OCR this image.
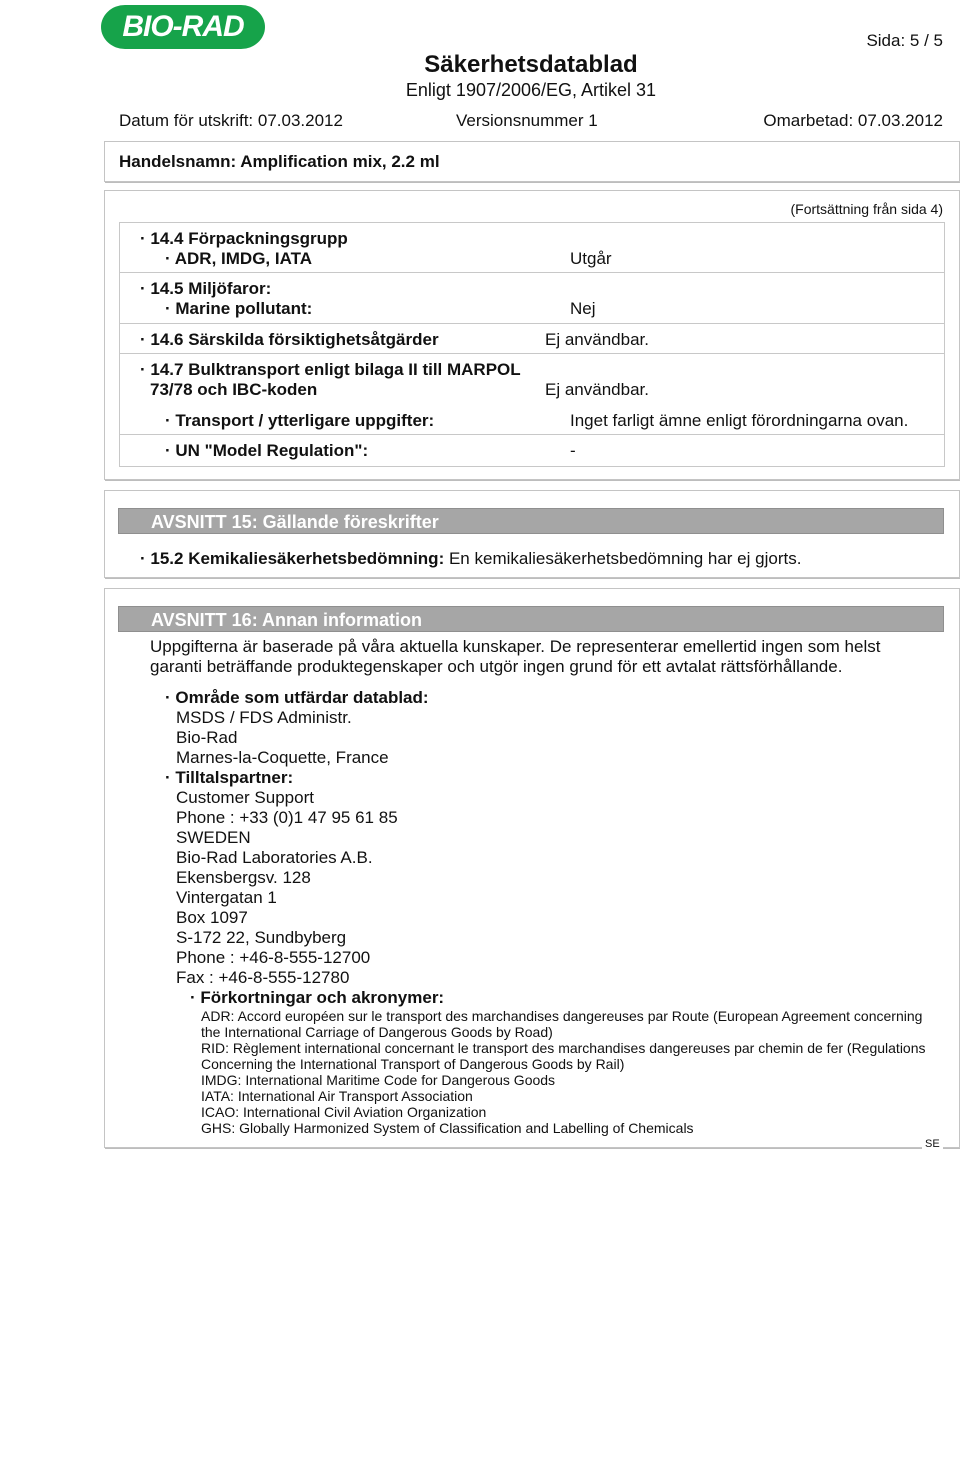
BIO-RAD	Sida: 5 / 5
Säkerhetsdatablad
Enligt 1907/2006/EG, Artikel 31
Datum för utskrift: 07.03.2012	Versionsnummer 1	Omarbetad: 07.03.2012
Handelsnamn: Amplification mix, 2.2 ml
(Fortsättning från sida 4)
· 14.4 Förpackningsgrupp
· ADR, IMDG, IATA	Utgår
· 14.5 Miljöfaror:
· Marine pollutant:	Nej
· 14.6 Särskilda försiktighetsåtgärder	Ej användbar.
· 14.7 Bulktransport enligt bilaga II till MARPOL
73/78 och IBC-koden	Ej användbar.
· Transport / ytterligare uppgifter:	Inget farligt ämne enligt förordningarna ovan.
· UN "Model Regulation":	-
AVSNITT 15: Gällande föreskrifter
· 15.2 Kemikaliesäkerhetsbedömning: En kemikaliesäkerhetsbedömning har ej gjorts.
AVSNITT 16: Annan information
Uppgifterna är baserade på våra aktuella kunskaper. De representerar emellertid ingen som helst
garanti beträffande produktegenskaper och utgör ingen grund för ett avtalat rättsförhållande.
· Område som utfärdar datablad:
MSDS / FDS Administr.
Bio-Rad
Marnes-la-Coquette, France
· Tilltalspartner:
Customer Support
Phone : +33 (0)1 47 95 61 85
SWEDEN
Bio-Rad Laboratories A.B.
Ekensbergsv. 128
Vintergatan 1
Box 1097
S-172 22, Sundbyberg
Phone : +46-8-555-12700
Fax : +46-8-555-12780
· Förkortningar och akronymer:
ADR: Accord européen sur le transport des marchandises dangereuses par Route (European Agreement concerning
the International Carriage of Dangerous Goods by Road)
RID: Règlement international concernant le transport des marchandises dangereuses par chemin de fer (Regulations
Concerning the International Transport of Dangerous Goods by Rail)
IMDG: International Maritime Code for Dangerous Goods
IATA: International Air Transport Association
ICAO: International Civil Aviation Organization
GHS: Globally Harmonized System of Classification and Labelling of Chemicals
SE
